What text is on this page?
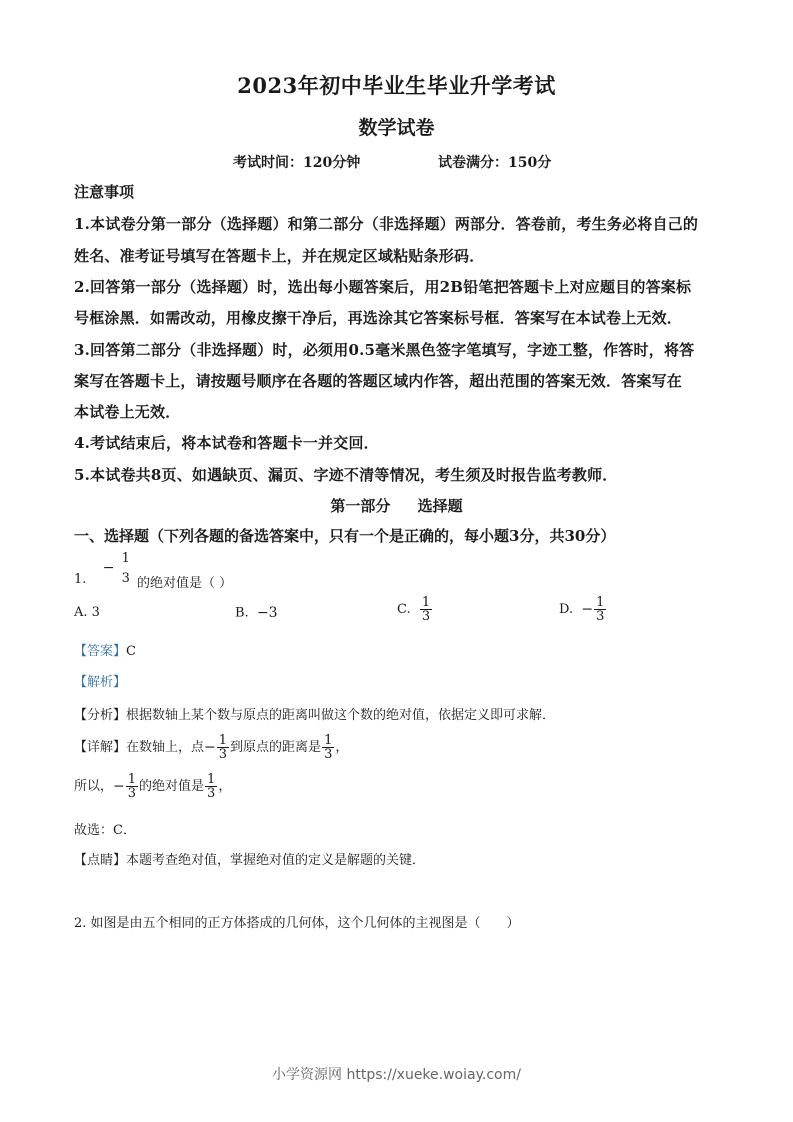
2023年初中毕业生毕业升学考试
数学试卷
考试时间：120分钟	试卷满分：150分
注意事项
1.本试卷分第一部分（选择题）和第二部分（非选择题）两部分．答卷前，考生务必将自己的
姓名、准考证号填写在答题卡上，并在规定区域粘贴条形码．
2.回答第一部分（选择题）时，选出每小题答案后，用2B铅笔把答题卡上对应题目的答案标
号框涂黑．如需改动，用橡皮擦干净后，再选涂其它答案标号框．答案写在本试卷上无效．
3.回答第二部分（非选择题）时，必须用0.5毫米黑色签字笔填写，字迹工整，作答时，将答
案写在答题卡上，请按题号顺序在各题的答题区域内作答，超出范围的答案无效．答案写在
本试卷上无效．
4.考试结束后，将本试卷和答题卡一并交回．
5.本试卷共8页、如遇缺页、漏页、字迹不清等情况，考生须及时报告监考教师．
第一部分 选择题
一、选择题（下列各题的备选答案中，只有一个是正确的，每小题3分，共30分）
1.  −
1
3 的绝对值是（ ）
A. 3	B. −3	C. $\frac{1}{3}$	D. − $\frac{1}{3}$
【答案】C
【解析】
【分析】根据数轴上某个数与原点的距离叫做这个数的绝对值，依据定义即可求解．
【详解】在数轴上，点− $\frac{1}{3}$ 到原点的距离是 $\frac{1}{3}$ ，
所以，− $\frac{1}{3}$ 的绝对值是 $\frac{1}{3}$ ，
故选：C．
【点睛】本题考查绝对值，掌握绝对值的定义是解题的关键．
2. 如图是由五个相同的正方体搭成的几何体，这个几何体的主视图是（　　）
小学资源网 https://xueke.woiay.com/
